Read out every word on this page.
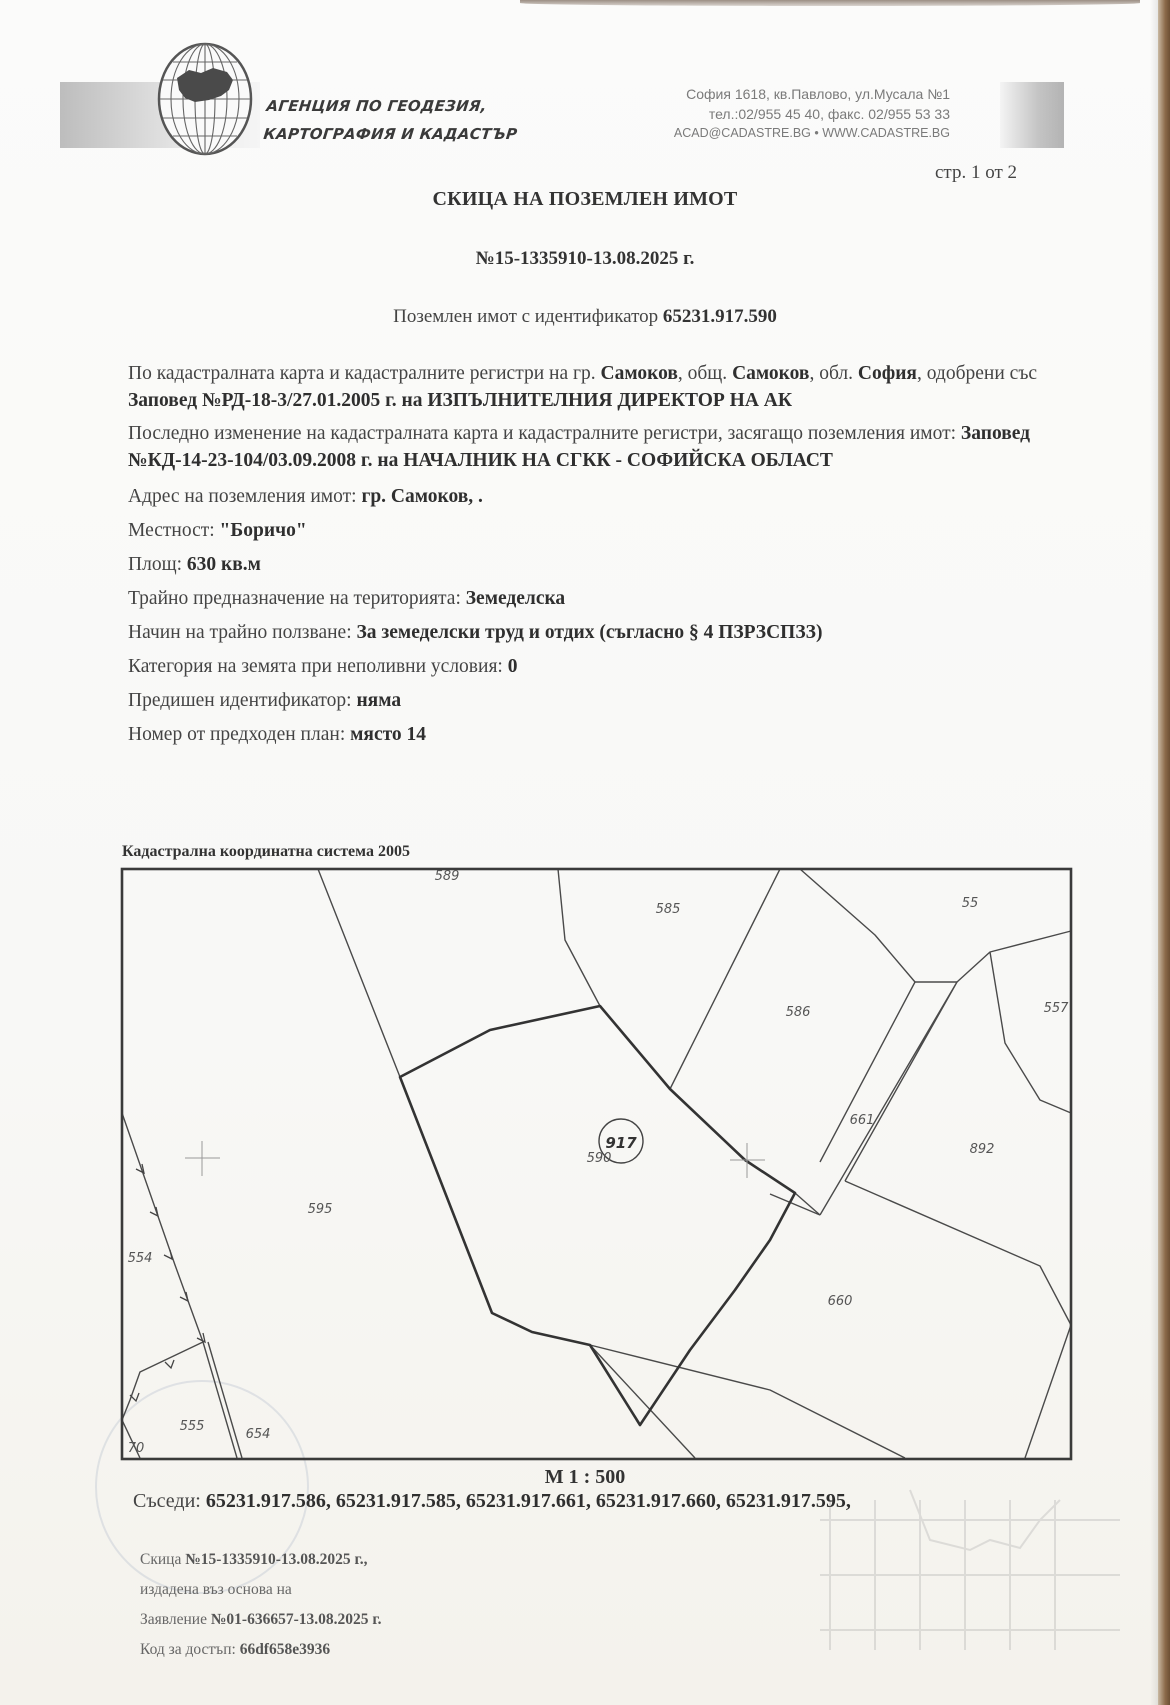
АГЕНЦИЯ ПО ГЕОДЕЗИЯ,
КАРТОГРАФИЯ И КАДАСТЪР
София 1618, кв.Павлово, ул.Мусала №1
тел.:02/955 45 40, факс. 02/955 53 33
ACAD@CADASTRE.BG • WWW.CADASTRE.BG
стр. 1 от 2
СКИЦА НА ПОЗЕМЛЕН ИМОТ
№15-1335910-13.08.2025 г.
Поземлен имот с идентификатор 65231.917.590

По кадастралната карта и кадастралните регистри на гр. Самоков, общ. Самоков, обл. София, одобрени със Заповед №РД-18-3/27.01.2005 г. на ИЗПЪЛНИТЕЛНИЯ ДИРЕКТОР НА АК

Последно изменение на кадастралната карта и кадастралните регистри, засягащо поземления имот: Заповед №КД-14-23-104/03.09.2008 г. на НАЧАЛНИК НА СГКК - СОФИЙСКА ОБЛАСТ

Адрес на поземления имот: гр. Самоков, .

Местност: "Боричо"

Площ: 630 кв.м

Трайно предназначение на територията: Земеделска

Начин на трайно ползване: За земеделски труд и отдих (съгласно § 4 ПЗРЗСПЗЗ)

Категория на земята при неполивни условия: 0

Предишен идентификатор: няма

Номер от предходен план: място 14

Кадастрална координатна система 2005
917
589
585	55
586	557
661
892
590
595
554
660
555
654
70
М 1 : 500
Съседи: 65231.917.586, 65231.917.585, 65231.917.661, 65231.917.660, 65231.917.595,

Скица №15-1335910-13.08.2025 г.,

издадена въз основа на

Заявление №01-636657-13.08.2025 г.

Код за достъп: 66df658e3936
